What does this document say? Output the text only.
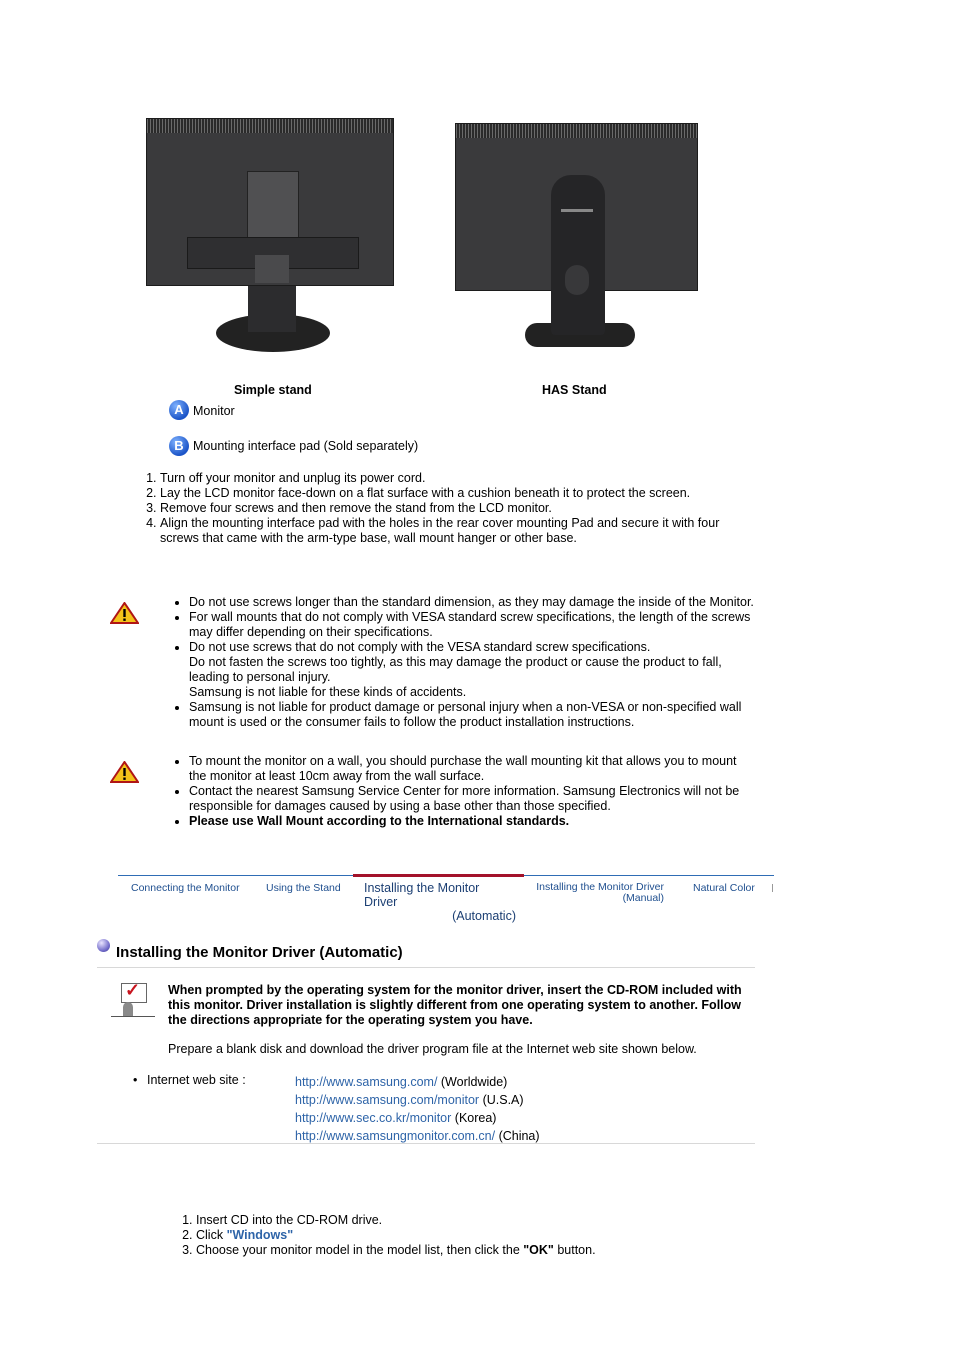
Simple stand	HAS Stand
A Monitor
B Mounting interface pad (Sold separately)
1. Turn off your monitor and unplug its power cord.
2. Lay the LCD monitor face-down on a flat surface with a cushion beneath it to protect the screen.
3. Remove four screws and then remove the stand from the LCD monitor.
4. Align the mounting interface pad with the holes in the rear cover mounting Pad and secure it with four screws that came with the arm-type base, wall mount hanger or other base.
• Do not use screws longer than the standard dimension, as they may damage the inside of the Monitor.
• For wall mounts that do not comply with VESA standard screw specifications, the length of the screws may differ depending on their specifications.
• Do not use screws that do not comply with the VESA standard screw specifications.
Do not fasten the screws too tightly, as this may damage the product or cause the product to fall, leading to personal injury.
Samsung is not liable for these kinds of accidents.
• Samsung is not liable for product damage or personal injury when a non-VESA or non-specified wall mount is used or the consumer fails to follow the product installation instructions.
• To mount the monitor on a wall, you should purchase the wall mounting kit that allows you to mount the monitor at least 10cm away from the wall surface.
• Contact the nearest Samsung Service Center for more information. Samsung Electronics will not be responsible for damages caused by using a base other than those specified.
• Please use Wall Mount according to the International standards.
Connecting the Monitor	Using the Stand Installing the Monitor Driver
(Automatic)
Installing the Monitor Driver
(Manual)
Natural Color
Installing the Monitor Driver (Automatic)
✓ When prompted by the operating system for the monitor driver, insert the CD-ROM included with this monitor. Driver installation is slightly different from one operating system to another. Follow the directions appropriate for the operating system you have.
Prepare a blank disk and download the driver program file at the Internet web site shown below.
• Internet web site :	http://www.samsung.com/ (Worldwide)
http://www.samsung.com/monitor (U.S.A)
http://www.sec.co.kr/monitor (Korea)
http://www.samsungmonitor.com.cn/ (China)
1. Insert CD into the CD-ROM drive.
2. Click "Windows"
3. Choose your monitor model in the model list, then click the "OK" button.
